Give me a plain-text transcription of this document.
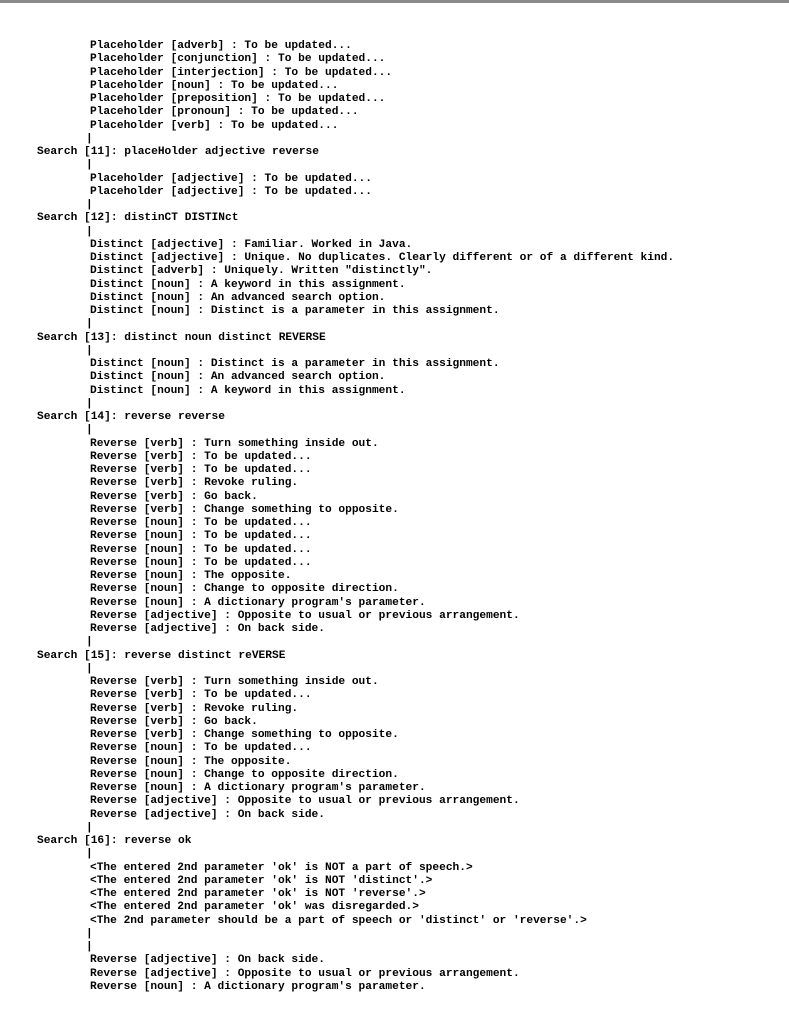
Placeholder [adverb] : To be updated...
Placeholder [conjunction] : To be updated...
Placeholder [interjection] : To be updated...
Placeholder [noun] : To be updated...
Placeholder [preposition] : To be updated...
Placeholder [pronoun] : To be updated...
Placeholder [verb] : To be updated...
|
Search [11]: placeHolder adjective reverse
|
Placeholder [adjective] : To be updated...
Placeholder [adjective] : To be updated...
|
Search [12]: distinCT DISTINct
|
Distinct [adjective] : Familiar. Worked in Java.
Distinct [adjective] : Unique. No duplicates. Clearly different or of a different kind.
Distinct [adverb] : Uniquely. Written "distinctly".
Distinct [noun] : A keyword in this assignment.
Distinct [noun] : An advanced search option.
Distinct [noun] : Distinct is a parameter in this assignment.
|
Search [13]: distinct noun distinct REVERSE
|
Distinct [noun] : Distinct is a parameter in this assignment.
Distinct [noun] : An advanced search option.
Distinct [noun] : A keyword in this assignment.
|
Search [14]: reverse reverse
|
Reverse [verb] : Turn something inside out.
Reverse [verb] : To be updated...
Reverse [verb] : To be updated...
Reverse [verb] : Revoke ruling.
Reverse [verb] : Go back.
Reverse [verb] : Change something to opposite.
Reverse [noun] : To be updated...
Reverse [noun] : To be updated...
Reverse [noun] : To be updated...
Reverse [noun] : To be updated...
Reverse [noun] : The opposite.
Reverse [noun] : Change to opposite direction.
Reverse [noun] : A dictionary program's parameter.
Reverse [adjective] : Opposite to usual or previous arrangement.
Reverse [adjective] : On back side.
|
Search [15]: reverse distinct reVERSE
|
Reverse [verb] : Turn something inside out.
Reverse [verb] : To be updated...
Reverse [verb] : Revoke ruling.
Reverse [verb] : Go back.
Reverse [verb] : Change something to opposite.
Reverse [noun] : To be updated...
Reverse [noun] : The opposite.
Reverse [noun] : Change to opposite direction.
Reverse [noun] : A dictionary program's parameter.
Reverse [adjective] : Opposite to usual or previous arrangement.
Reverse [adjective] : On back side.
|
Search [16]: reverse ok
|
<The entered 2nd parameter 'ok' is NOT a part of speech.>
<The entered 2nd parameter 'ok' is NOT 'distinct'.>
<The entered 2nd parameter 'ok' is NOT 'reverse'.>
<The entered 2nd parameter 'ok' was disregarded.>
<The 2nd parameter should be a part of speech or 'distinct' or 'reverse'.>
|
|
Reverse [adjective] : On back side.
Reverse [adjective] : Opposite to usual or previous arrangement.
Reverse [noun] : A dictionary program's parameter.
